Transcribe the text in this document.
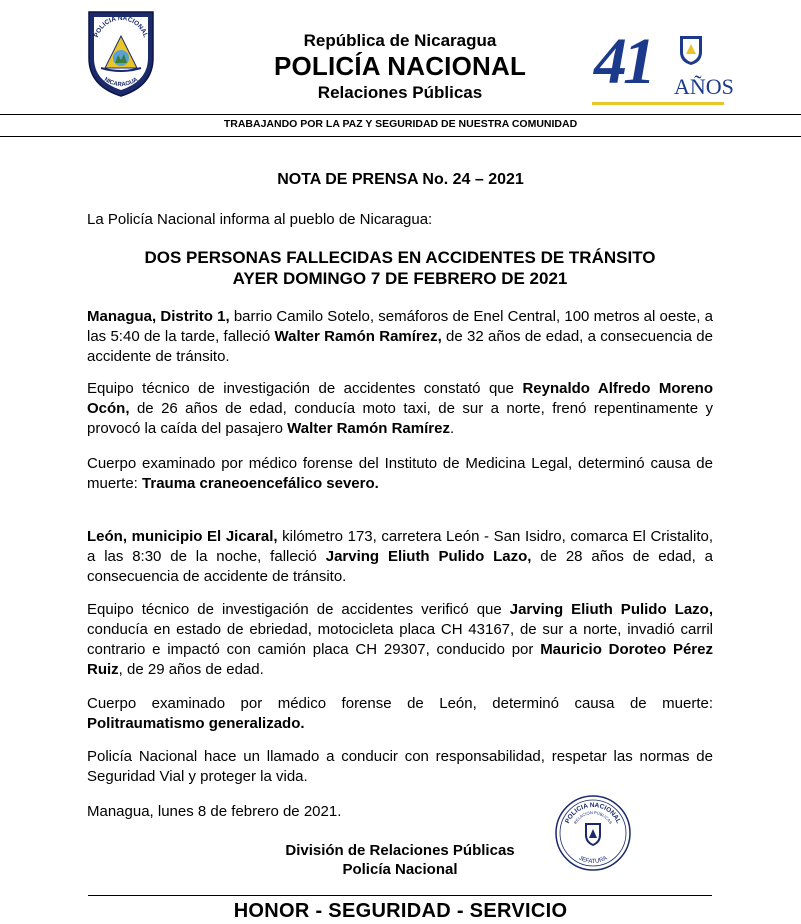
POLICIA NACIONAL
NICARAGUA
República de Nicaragua
POLICÍA NACIONAL
Relaciones Públicas	41 AÑOS
TRABAJANDO POR LA PAZ Y SEGURIDAD DE NUESTRA COMUNIDAD
NOTA DE PRENSA No. 24 – 2021
La Policía Nacional informa al pueblo de Nicaragua:
DOS PERSONAS FALLECIDAS EN ACCIDENTES DE TRÁNSITO
AYER DOMINGO 7 DE FEBRERO DE 2021
Managua, Distrito 1, barrio Camilo Sotelo, semáforos de Enel Central, 100 metros al oeste, a las 5:40 de la tarde, falleció Walter Ramón Ramírez, de 32 años de edad, a consecuencia de accidente de tránsito.
Equipo técnico de investigación de accidentes constató que Reynaldo Alfredo Moreno Ocón, de 26 años de edad, conducía moto taxi, de sur a norte, frenó repentinamente y provocó la caída del pasajero Walter Ramón Ramírez.
Cuerpo examinado por médico forense del Instituto de Medicina Legal, determinó causa de muerte: Trauma craneoencefálico severo.
León, municipio El Jicaral, kilómetro 173, carretera León - San Isidro, comarca El Cristalito, a las 8:30 de la noche, falleció Jarving Eliuth Pulido Lazo, de 28 años de edad, a consecuencia de accidente de tránsito.
Equipo técnico de investigación de accidentes verificó que Jarving Eliuth Pulido Lazo, conducía en estado de ebriedad, motocicleta placa CH 43167, de sur a norte, invadió carril contrario e impactó con camión placa CH 29307, conducido por Mauricio Doroteo Pérez Ruiz, de 29 años de edad.
Cuerpo examinado por médico forense de León, determinó causa de muerte: Politraumatismo generalizado.
Policía Nacional hace un llamado a conducir con responsabilidad, respetar las normas de Seguridad Vial y proteger la vida.
Managua, lunes 8 de febrero de 2021.
POLICIA NACIONAL
RELACION PUBLICAS
JEFATURA
División de Relaciones Públicas
Policía Nacional
HONOR - SEGURIDAD - SERVICIO
